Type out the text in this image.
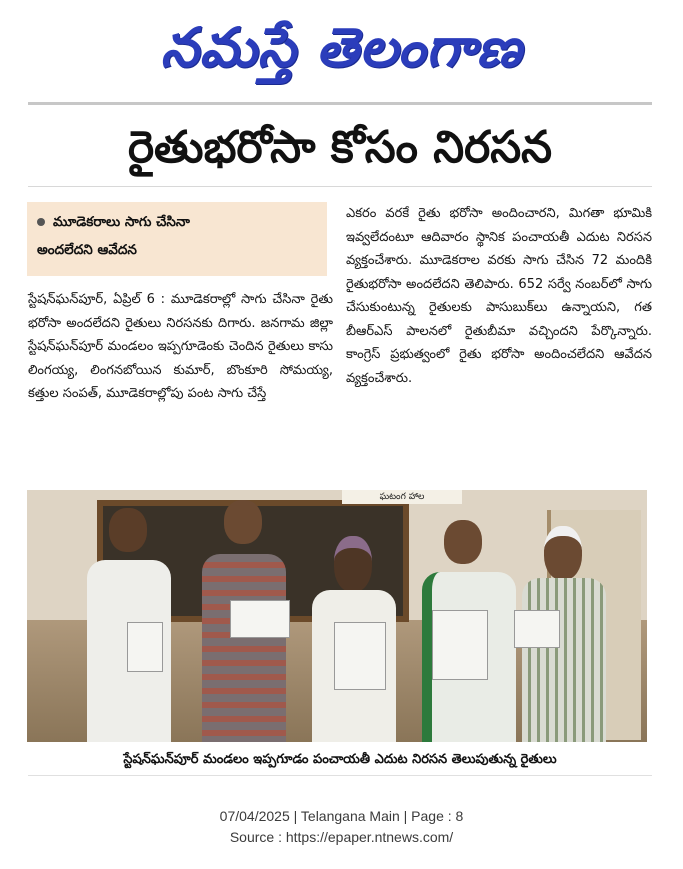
నమస్తే తెలంగాణ
రైతుభరోసా కోసం నిరసన
మూడెకరాలు సాగు చేసినా
అందలేదని ఆవేదన
స్టేషన్‌ఘన్‌పూర్, ఏప్రిల్ 6 : మూడెకరాల్లో సాగు చేసినా రైతు భరోసా అందలేదని రైతులు నిరసనకు దిగారు. జనగామ జిల్లా స్టేషన్‌ఘన్‌పూర్ మండలం ఇప్పగూడెంకు చెందిన రైతులు కాసు లింగయ్య, లింగనబోయిన కుమార్, బొంకూరి సోమయ్య, కత్తుల సంపత్, మూడెకరాల్లోపు పంట సాగు చేస్తే
ఎకరం వరకే రైతు భరోసా అందించారని, మిగతా భూమికి ఇవ్వలేదంటూ ఆదివారం స్థానిక పంచాయతీ ఎదుట నిరసన వ్యక్తంచేశారు. మూడెకరాల వరకు సాగు చేసిన 72 మందికి రైతుభరోసా అందలేదని తెలిపారు. 652 సర్వే నంబర్‌లో సాగు చేసుకుంటున్న రైతులకు పాసుబుక్‌లు ఉన్నాయని, గత బీఆర్ఎస్ పాలనలో రైతుబీమా వచ్చిందని పేర్కొన్నారు. కాంగ్రెస్ ప్రభుత్వంలో రైతు భరోసా అందించలేదని ఆవేదన వ్యక్తంచేశారు.
ఘటంగ హాల
స్టేషన్‌ఘన్‌పూర్ మండలం ఇప్పగూడం పంచాయతీ ఎదుట నిరసన తెలుపుతున్న రైతులు
07/04/2025 | Telangana Main | Page : 8
Source : https://epaper.ntnews.com/
